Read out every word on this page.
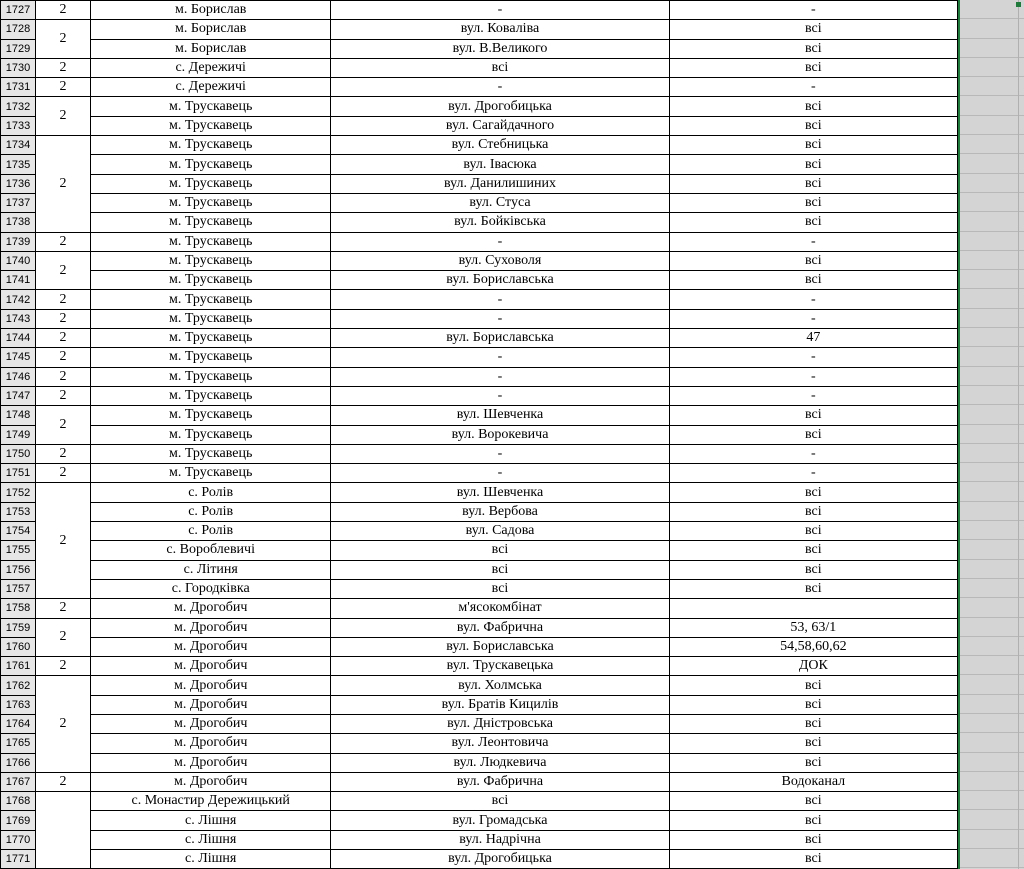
1727	2	м. Борислав	-	-
1728	2	м. Борислав	вул. Коваліва	всі
1729		м. Борислав	вул. В.Великого	всі
1730	2	с. Дережичі	всі	всі
1731	2	с. Дережичі	-	-
1732	2	м. Трускавець	вул. Дрогобицька	всі
1733		м. Трускавець	вул. Сагайдачного	всі
1734	2	м. Трускавець	вул. Стебницька	всі
1735		м. Трускавець	вул. Івасюка	всі
1736		м. Трускавець	вул. Данилишиних	всі
1737		м. Трускавець	вул. Стуса	всі
1738		м. Трускавець	вул. Бойківська	всі
1739	2	м. Трускавець	-	-
1740	2	м. Трускавець	вул. Суховоля	всі
1741		м. Трускавець	вул. Бориславська	всі
1742	2	м. Трускавець	-	-
1743	2	м. Трускавець	-	-
1744	2	м. Трускавець	вул. Бориславська	47
1745	2	м. Трускавець	-	-
1746	2	м. Трускавець	-	-
1747	2	м. Трускавець	-	-
1748	2	м. Трускавець	вул. Шевченка	всі
1749		м. Трускавець	вул. Ворокевича	всі
1750	2	м. Трускавець	-	-
1751	2	м. Трускавець	-	-
1752	2	с. Ролів	вул. Шевченка	всі
1753		с. Ролів	вул. Вербова	всі
1754		с. Ролів	вул. Садова	всі
1755		с. Вороблевичі	всі	всі
1756		с. Літиня	всі	всі
1757		с. Городківка	всі	всі
1758	2	м. Дрогобич	м'ясокомбінат	
1759	2	м. Дрогобич	вул. Фабрична	53, 63/1
1760		м. Дрогобич	вул. Бориславська	54,58,60,62
1761	2	м. Дрогобич	вул. Трускавецька	ДОК
1762	2	м. Дрогобич	вул. Холмська	всі
1763		м. Дрогобич	вул. Братів Кицилів	всі
1764		м. Дрогобич	вул. Дністровська	всі
1765		м. Дрогобич	вул. Леонтовича	всі
1766		м. Дрогобич	вул. Людкевича	всі
1767	2	м. Дрогобич	вул. Фабрична	Водоканал
1768		с. Монастир Дережицький	всі	всі
1769		с. Лішня	вул. Громадська	всі
1770		с. Лішня	вул. Надрічна	всі
1771		с. Лішня	вул. Дрогобицька	всі
